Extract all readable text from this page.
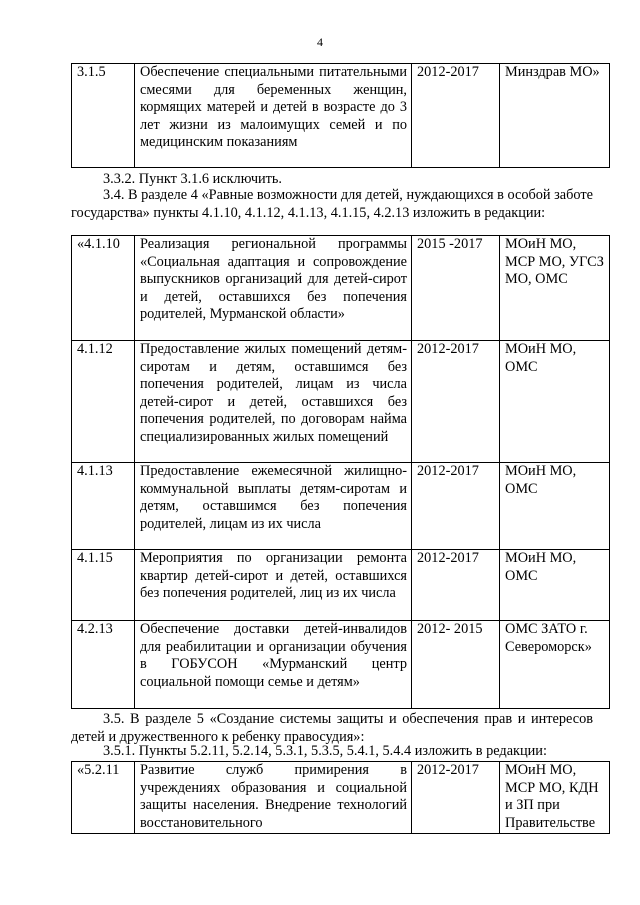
4
3.1.5	Обеспечение специальными питательными смесями для беременных женщин, кормящих матерей и детей в возрасте до 3 лет жизни из малоимущих семей и по медицинским показаниям	2012-2017	Минздрав МО»
3.3.2. Пункт 3.1.6 исключить.
3.4. В разделе 4 «Равные возможности для детей, нуждающихся в особой заботе государства» пункты 4.1.10, 4.1.12, 4.1.13, 4.1.15, 4.2.13 изложить в редакции:
«4.1.10	Реализация региональной программы «Социальная адаптация и сопровождение выпускников организаций для детей-сирот и детей, оставшихся без попечения родителей, Мурманской области»	2015 -2017	МОиН МО, МСР МО, УГСЗ МО, ОМС
4.1.12	Предоставление жилых помещений детям-сиротам и детям, оставшимся без попечения родителей, лицам из числа детей-сирот и детей, оставшихся без попечения родителей, по договорам найма специализированных жилых помещений	2012-2017	МОиН МО, ОМС
4.1.13	Предоставление ежемесячной жилищно-коммунальной выплаты детям-сиротам и детям, оставшимся без попечения родителей, лицам из их числа	2012-2017	МОиН МО, ОМС
4.1.15	Мероприятия по организации ремонта квартир детей-сирот и детей, оставшихся без попечения родителей, лиц из их числа	2012-2017	МОиН МО, ОМС
4.2.13	Обеспечение доставки детей-инвалидов для реабилитации и организации обучения в ГОБУСОН «Мурманский центр социальной помощи семье и детям»	2012- 2015	ОМС ЗАТО г. Североморск»
3.5. В разделе 5 «Создание системы защиты и обеспечения прав и интересов детей и дружественного к ребенку правосудия»:
3.5.1. Пункты 5.2.11, 5.2.14, 5.3.1, 5.3.5, 5.4.1, 5.4.4 изложить в редакции:
«5.2.11	Развитие служб примирения в учреждениях образования и социальной защиты населения. Внедрение технологий восстановительного	2012-2017	МОиН МО, МСР МО, КДН и ЗП при Правительстве
